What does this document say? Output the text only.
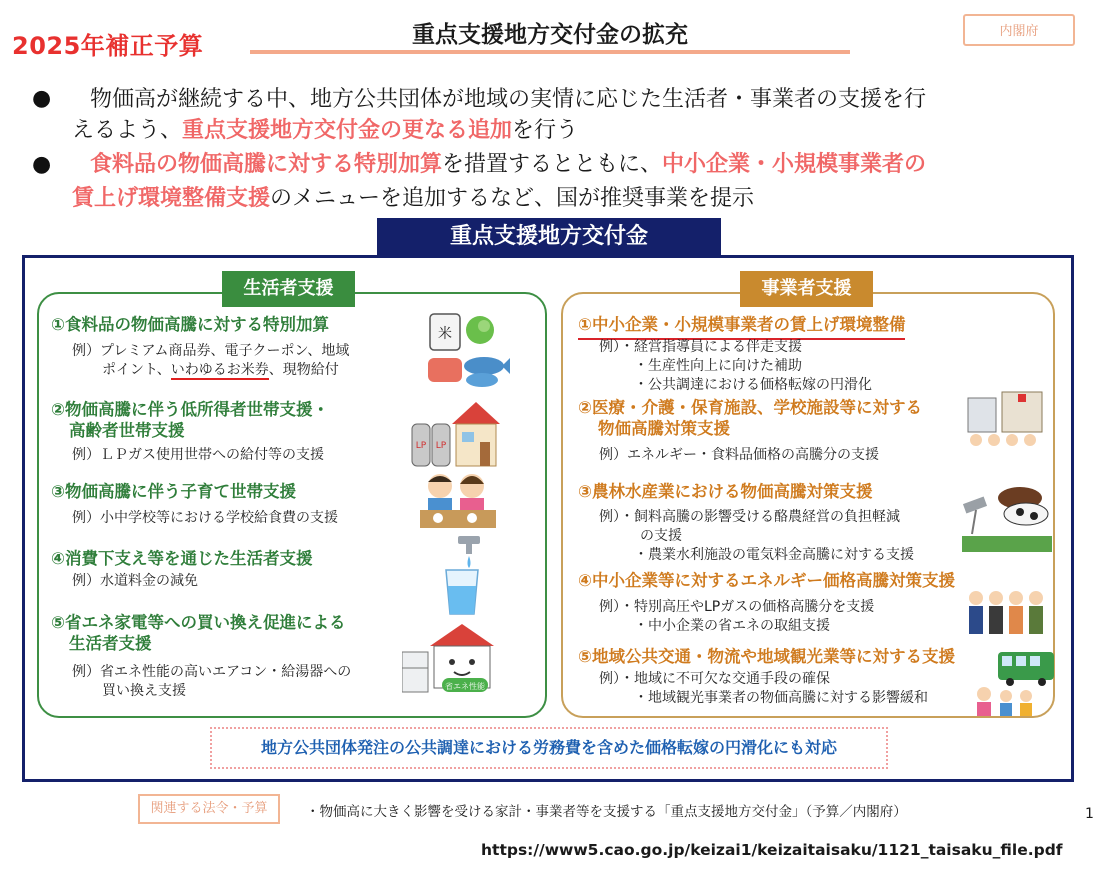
2025年補正予算	重点支援地方交付金の拡充	内閣府
● 物価高が継続する中、地方公共団体が地域の実情に応じた生活者・事業者の支援を行
えるよう、重点支援地方交付金の更なる追加を行う
● 食料品の物価高騰に対する特別加算を措置するとともに、中小企業・小規模事業者の
賃上げ環境整備支援のメニューを追加するなど、国が推奨事業を提示
重点支援地方交付金
生活者支援
①食料品の物価高騰に対する特別加算
例）プレミアム商品券、電子クーポン、地域
ポイント、いわゆるお米券、現物給付
②物価高騰に伴う低所得者世帯支援・
高齢者世帯支援
例）ＬＰガス使用世帯への給付等の支援
③物価高騰に伴う子育て世帯支援
例）小中学校等における学校給食費の支援
④消費下支え等を通じた生活者支援
例）水道料金の減免
⑤省エネ家電等への買い換え促進による
生活者支援
例）省エネ性能の高いエアコン・給湯器への
買い換え支援
米
LP LP
省エネ性能
事業者支援
①中小企業・小規模事業者の賃上げ環境整備
例）・経営指導員による伴走支援
・生産性向上に向けた補助
・公共調達における価格転嫁の円滑化
②医療・介護・保育施設、学校施設等に対する
物価高騰対策支援
例）エネルギー・食料品価格の高騰分の支援
③農林水産業における物価高騰対策支援
例）・飼料高騰の影響受ける酪農経営の負担軽減
の支援
・農業水利施設の電気料金高騰に対する支援
④中小企業等に対するエネルギー価格高騰対策支援
例）・特別高圧やLPガスの価格高騰分を支援
・中小企業の省エネの取組支援
⑤地域公共交通・物流や地域観光業等に対する支援
例）・地域に不可欠な交通手段の確保
・地域観光事業者の物価高騰に対する影響緩和
地方公共団体発注の公共調達における労務費を含めた価格転嫁の円滑化にも対応
関連する法令・予算	・物価高に大きく影響を受ける家計・事業者等を支援する「重点支援地方交付金」（予算／内閣府）	1
https://www5.cao.go.jp/keizai1/keizaitaisaku/1121_taisaku_file.pdf
